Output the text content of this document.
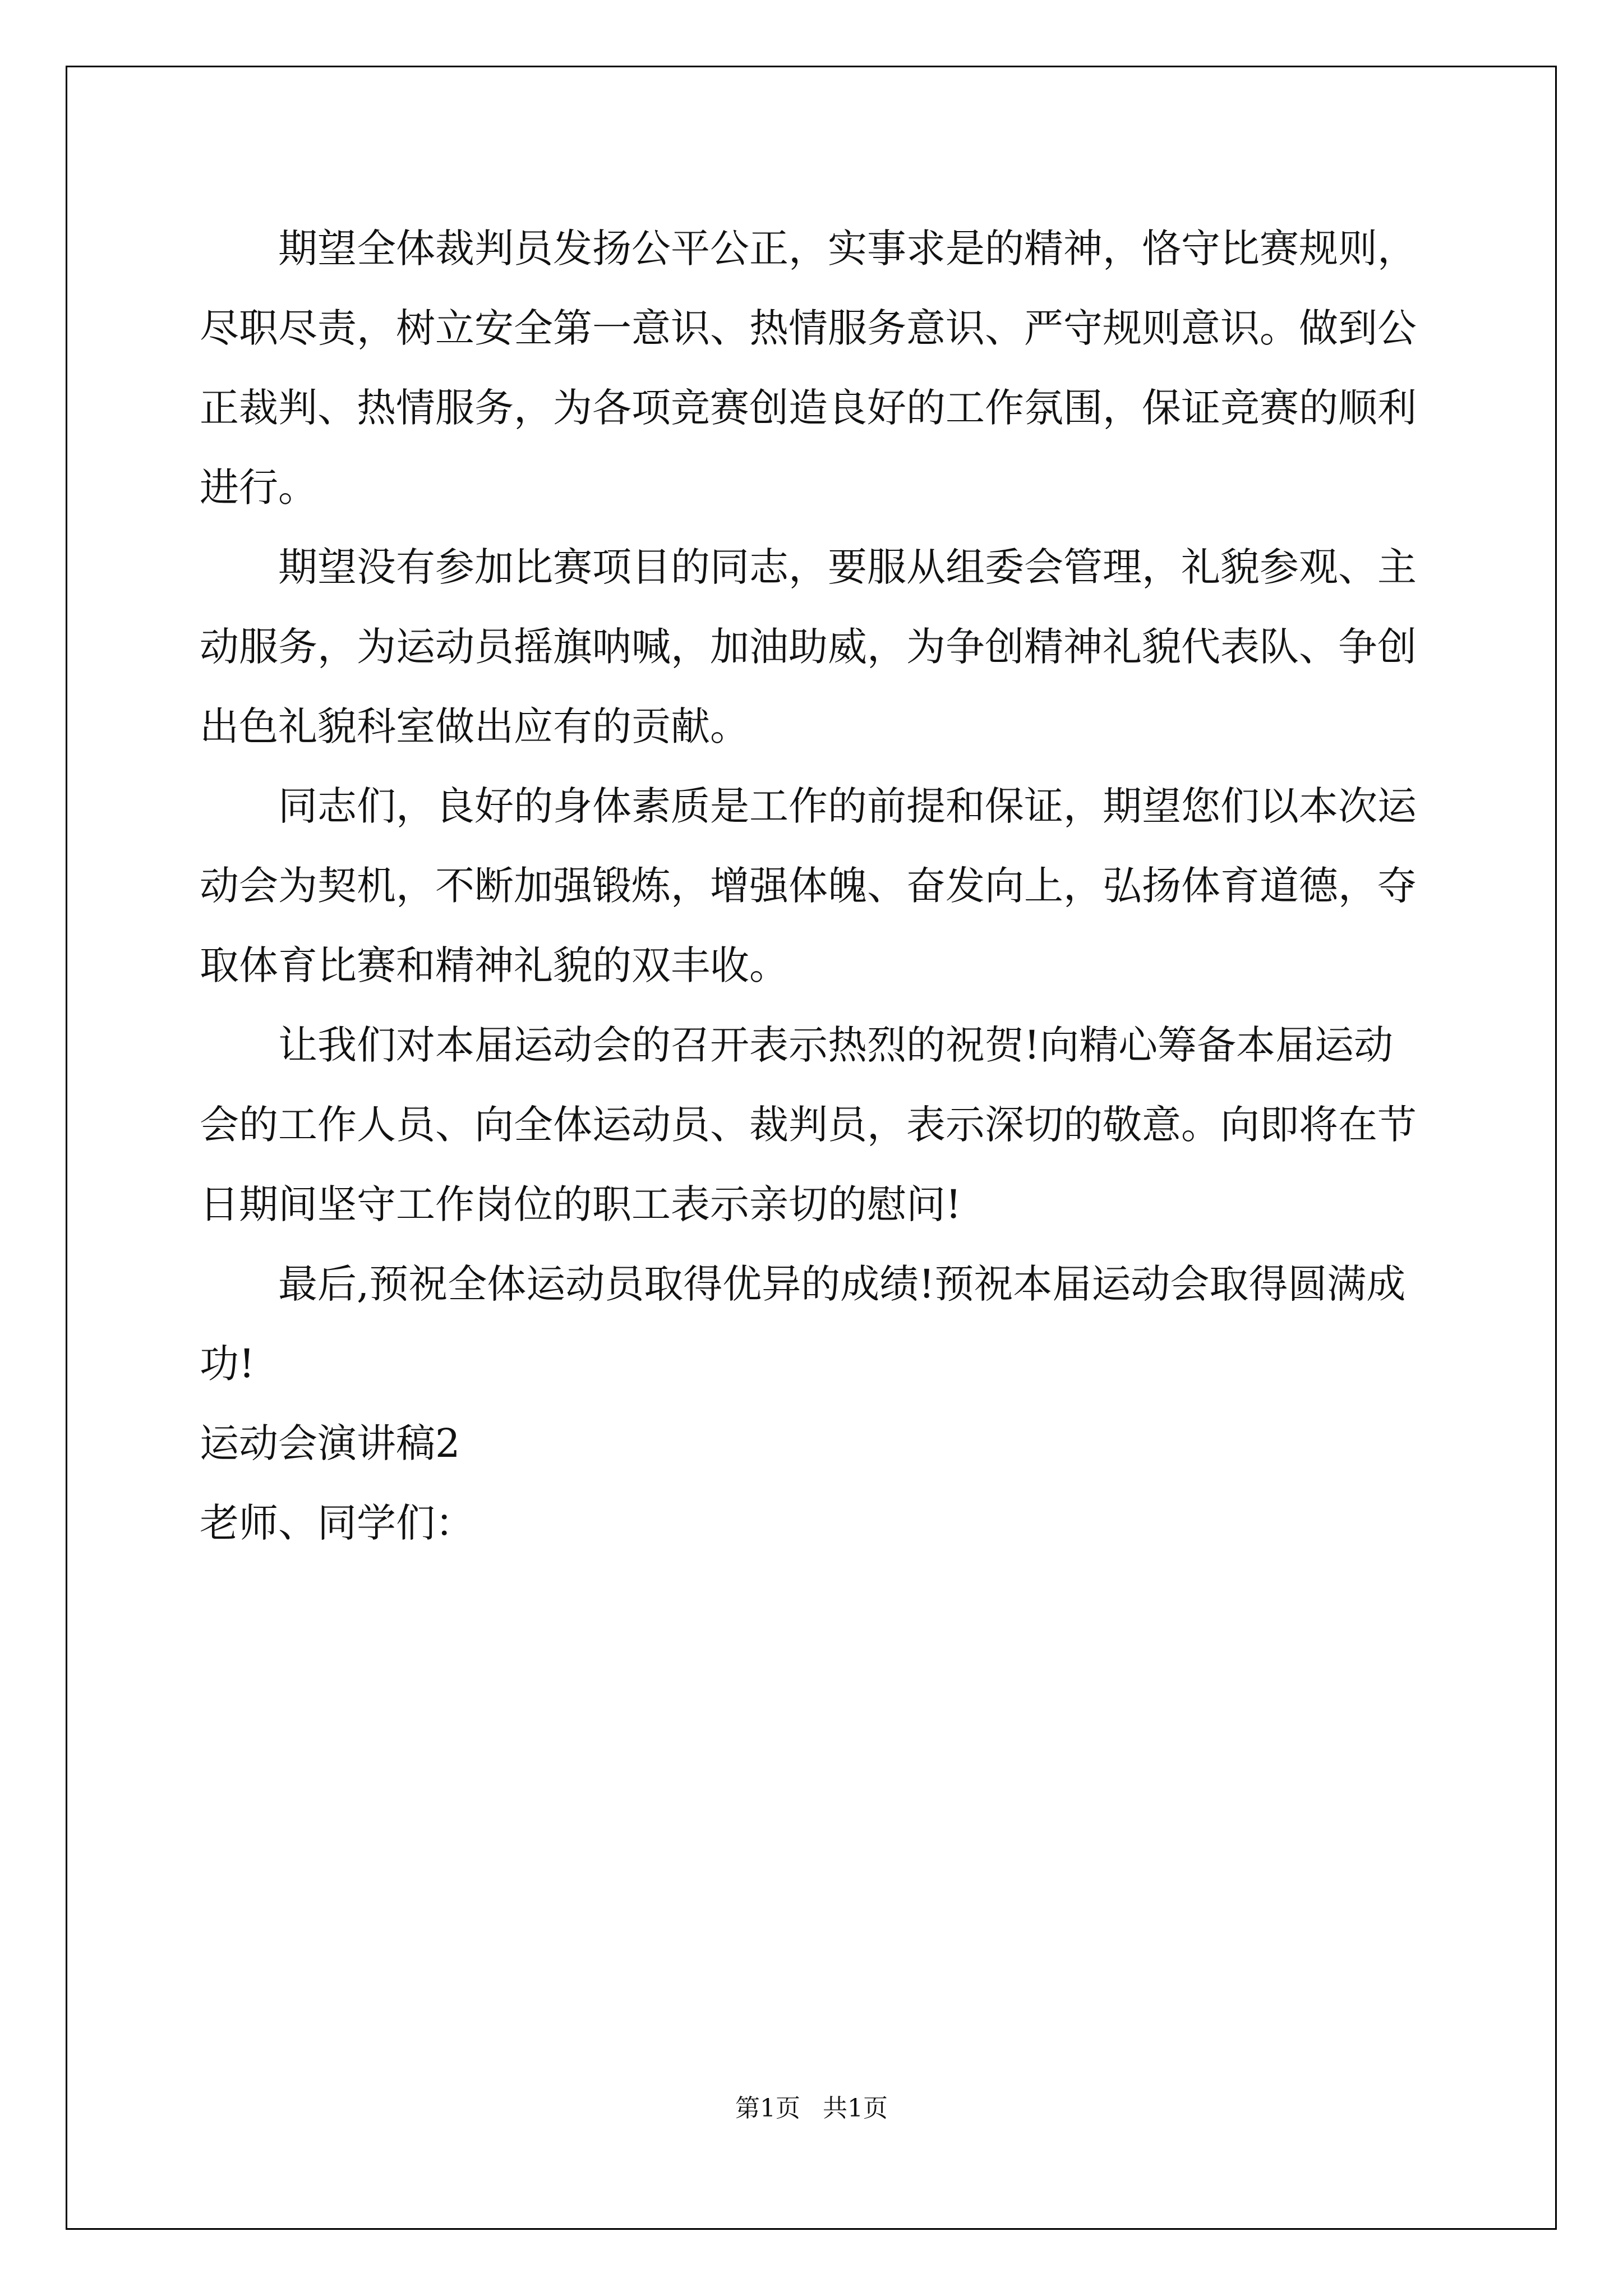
期望全体裁判员发扬公平公正，实事求是的精神，恪守比赛规则，尽职尽责，树立安全第一意识、热情服务意识、严守规则意识。做到公正裁判、热情服务，为各项竞赛创造良好的工作氛围，保证竞赛的顺利进行。

期望没有参加比赛项目的同志，要服从组委会管理，礼貌参观、主动服务，为运动员摇旗呐喊，加油助威，为争创精神礼貌代表队、争创出色礼貌科室做出应有的贡献。

同志们，良好的身体素质是工作的前提和保证，期望您们以本次运动会为契机，不断加强锻炼，增强体魄、奋发向上，弘扬体育道德，夺取体育比赛和精神礼貌的双丰收。

让我们对本届运动会的召开表示热烈的祝贺!向精心筹备本届运动会的工作人员、向全体运动员、裁判员，表示深切的敬意。向即将在节日期间坚守工作岗位的职工表示亲切的慰问!

最后,预祝全体运动员取得优异的成绩!预祝本届运动会取得圆满成功!

运动会演讲稿2

老师、同学们：

第1页 共1页
